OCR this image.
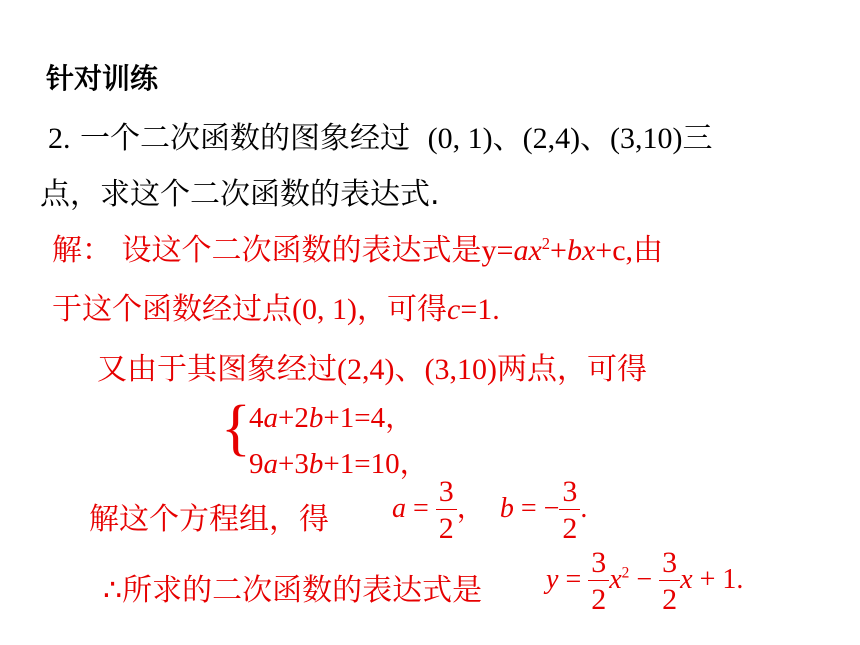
针对训练
2. 一个二次函数的图象经过 (0, 1)、(2,4)、(3,10)三
点，求这个二次函数的表达式.
解： 设这个二次函数的表达式是$y=ax^2+bx+c$,由
于这个函数经过点(0, 1)，可得c=1.
又由于其图象经过(2,4)、(3,10)两点，可得
{
4a+2b+1=4，
9a+3b+1=10，
解这个方程组，得 $a = \frac{3}{2}$ ， b = − $\frac{3}{2}$ .
∴所求的二次函数的表达式是 $y = \frac{3}{2} x^2 - \frac{3}{2}$ x + 1.
